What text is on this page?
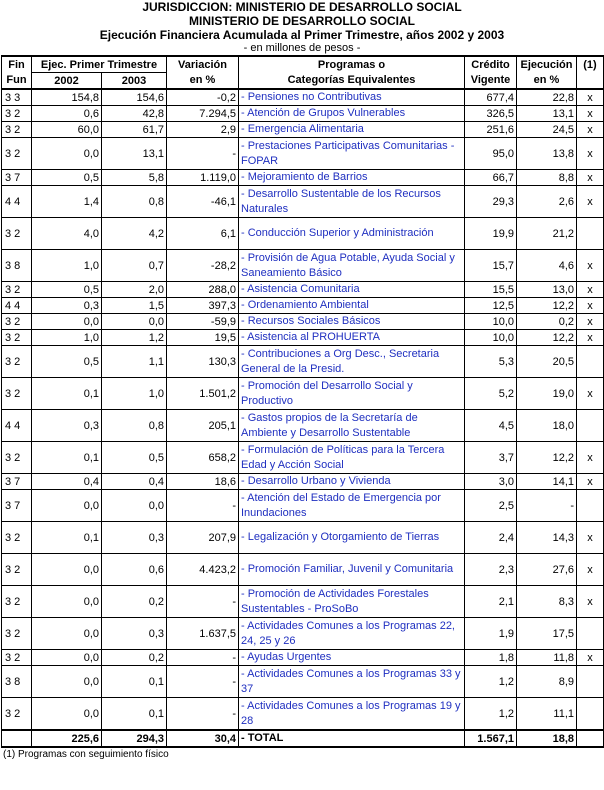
JURISDICCION: MINISTERIO DE DESARROLLO SOCIAL
MINISTERIO DE DESARROLLO SOCIAL
Ejecución Financiera Acumulada al Primer Trimestre, años 2002 y 2003
- en millones de pesos -
Fin	Ejec. Primer Trimestre		Variación	Programas o	Crédito	Ejecución	(1)
Fun	2002	2003	en %	Categorías Equivalentes	Vigente	en %	
3 3	154,8	154,6	-0,2	- Pensiones no Contributivas	677,4	22,8	x
3 2	0,6	42,8	7.294,5	- Atención de Grupos Vulnerables	326,5	13,1	x
3 2	60,0	61,7	2,9	- Emergencia Alimentaria	251,6	24,5	x
3 2	0,0	13,1	-	- Prestaciones Participativas Comunitarias - FOPAR	95,0	13,8	x
3 7	0,5	5,8	1.119,0	- Mejoramiento de Barrios	66,7	8,8	x
4 4	1,4	0,8	-46,1	- Desarrollo Sustentable de los Recursos Naturales	29,3	2,6	x
3 2	4,0	4,2	6,1	- Conducción Superior y Administración	19,9	21,2	
3 8	1,0	0,7	-28,2	- Provisión de Agua Potable, Ayuda Social y Saneamiento Básico	15,7	4,6	x
3 2	0,5	2,0	288,0	- Asistencia Comunitaria	15,5	13,0	x
4 4	0,3	1,5	397,3	- Ordenamiento Ambiental	12,5	12,2	x
3 2	0,0	0,0	-59,9	- Recursos Sociales Básicos	10,0	0,2	x
3 2	1,0	1,2	19,5	- Asistencia al PROHUERTA	10,0	12,2	x
3 2	0,5	1,1	130,3	- Contribuciones a Org Desc., Secretaria General de la Presid.	5,3	20,5	
3 2	0,1	1,0	1.501,2	- Promoción del Desarrollo Social y Productivo	5,2	19,0	x
4 4	0,3	0,8	205,1	- Gastos propios de la Secretaría de Ambiente y Desarrollo Sustentable	4,5	18,0	
3 2	0,1	0,5	658,2	- Formulación de Políticas para la Tercera Edad y Acción Social	3,7	12,2	x
3 7	0,4	0,4	18,6	- Desarrollo Urbano y Vivienda	3,0	14,1	x
3 7	0,0	0,0	-	- Atención del Estado de Emergencia por Inundaciones	2,5	-	
3 2	0,1	0,3	207,9	- Legalización y Otorgamiento de Tierras	2,4	14,3	x
3 2	0,0	0,6	4.423,2	- Promoción Familiar, Juvenil y Comunitaria	2,3	27,6	x
3 2	0,0	0,2	-	- Promoción de Actividades Forestales Sustentables - ProSoBo	2,1	8,3	x
3 2	0,0	0,3	1.637,5	- Actividades Comunes a los Programas 22, 24, 25 y 26	1,9	17,5	
3 2	0,0	0,2	-	- Ayudas Urgentes	1,8	11,8	x
3 8	0,0	0,1	-	- Actividades Comunes a los Programas 33 y 37	1,2	8,9	
3 2	0,0	0,1	-	- Actividades Comunes a los Programas 19 y 28	1,2	11,1	
	225,6	294,3	30,4	- TOTAL	1.567,1	18,8	
(1) Programas con seguimiento físico
